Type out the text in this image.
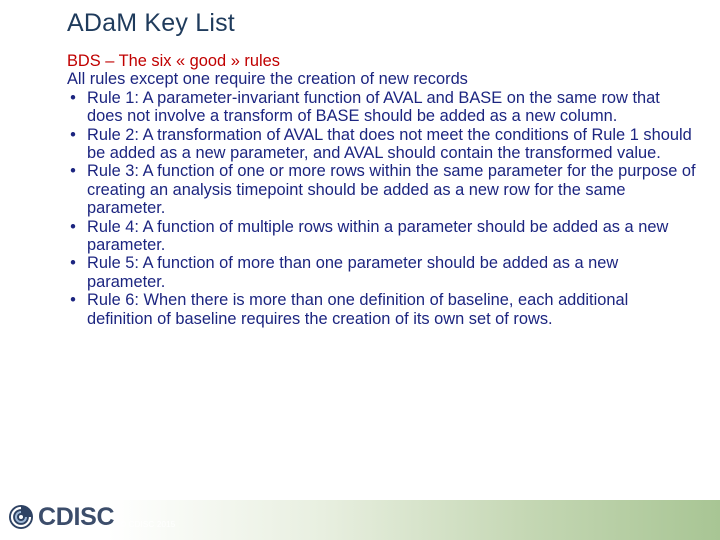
ADaM Key List
BDS – The six « good » rules
All rules except one require the creation of new records
• Rule 1: A parameter-invariant function of AVAL and BASE on the same row that does not involve a transform of BASE should be added as a new column.
• Rule 2: A transformation of AVAL that does not meet the conditions of Rule 1 should be added as a new parameter, and AVAL should contain the transformed value.
• Rule 3: A function of one or more rows within the same parameter for the purpose of creating an analysis timepoint should be added as a new row for the same parameter.
• Rule 4: A function of multiple rows within a parameter should be added as a new parameter.
• Rule 5: A function of more than one parameter should be added as a new parameter.
• Rule 6: When there is more than one definition of baseline, each additional definition of baseline requires the creation of its own set of rows.
CDISC © CDISC 2015
